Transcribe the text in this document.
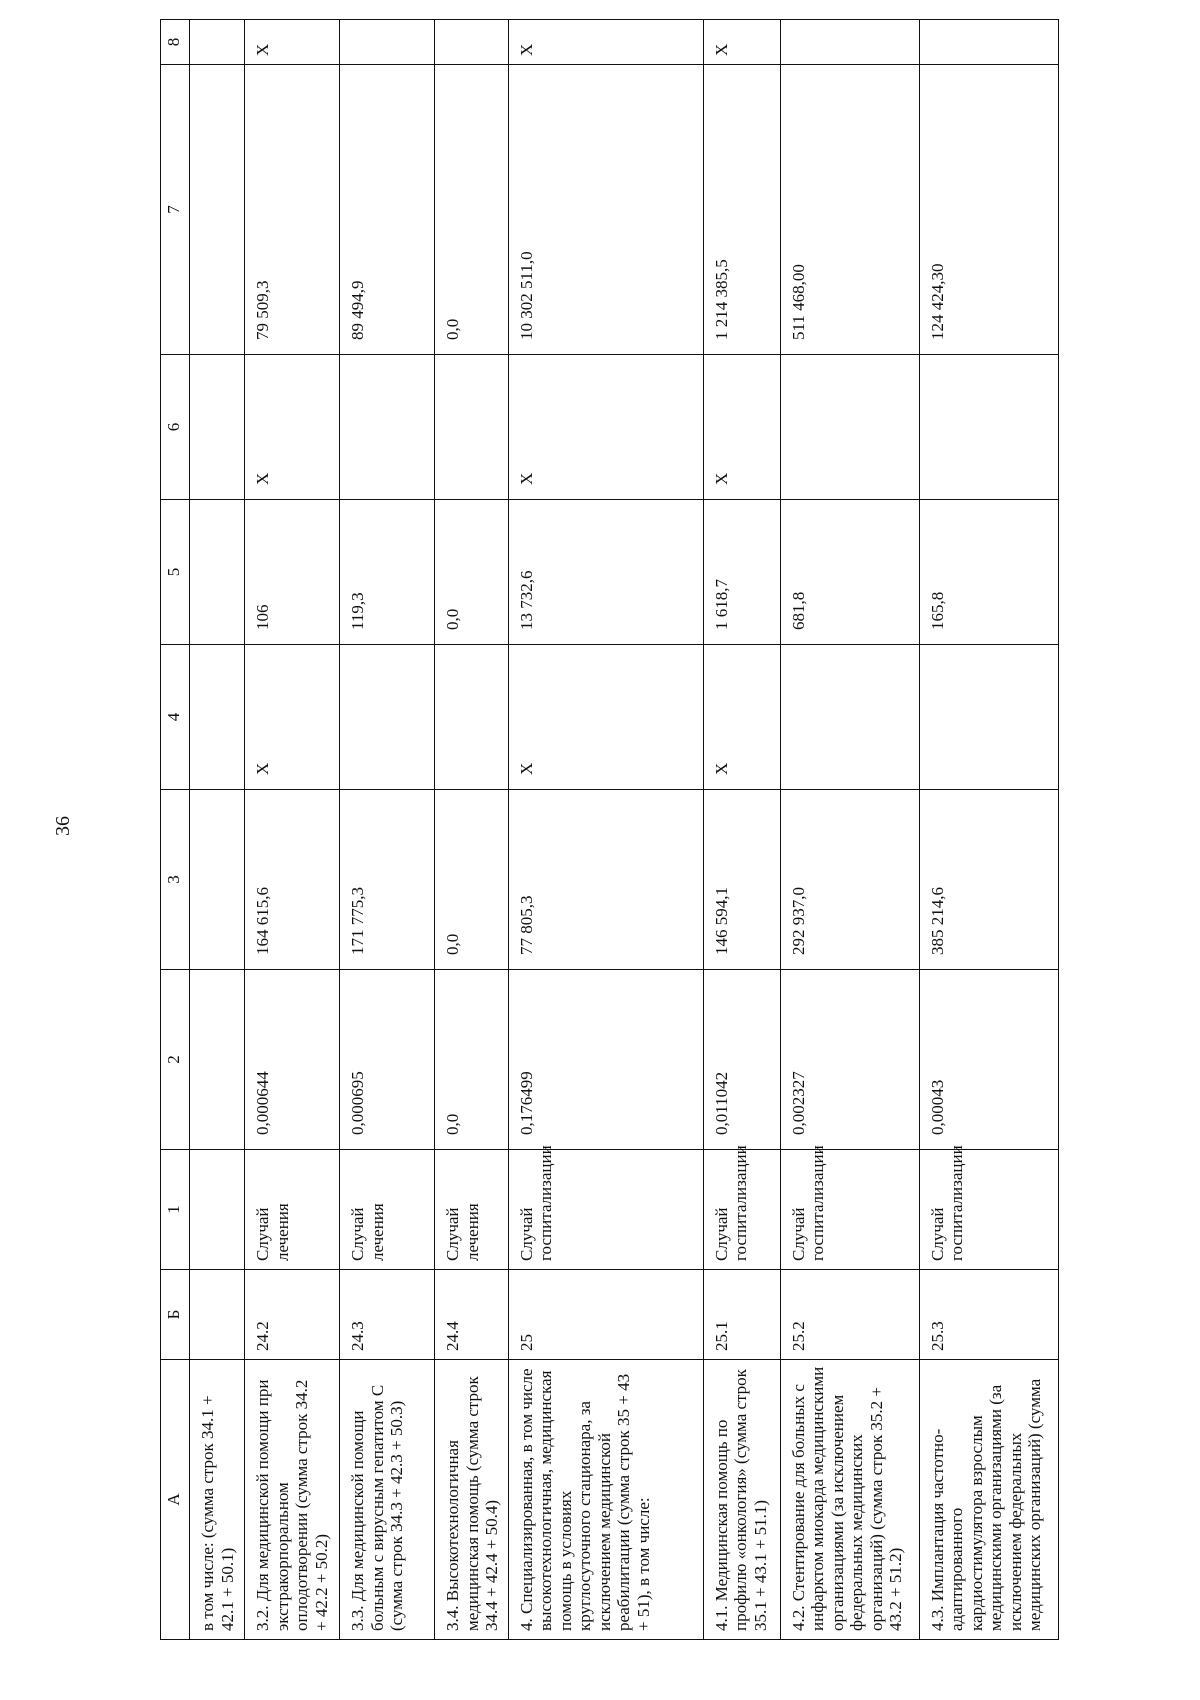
36
А	Б	1	2	3	4	5	6	7	8
в том числе: (сумма строк 34.1 + 42.1 + 50.1)									
3.2. Для медицинской помощи при экстракорпоральном оплодотворении (сумма строк 34.2 + 42.2 + 50.2)	24.2	Случай лечения	0,000644	164 615,6	Х	106	Х	79 509,3	Х
3.3. Для медицинской помощи больным с вирусным гепатитом С (сумма строк 34.3 + 42.3 + 50.3)	24.3	Случай лечения	0,000695	171 775,3		119,3		89 494,9	
3.4. Высокотехнологичная медицинская помощь (сумма строк 34.4 + 42.4 + 50.4)	24.4	Случай лечения	0,0	0,0		0,0		0,0	
4. Специализированная, в том числе высокотехнологичная, медицинская помощь в условиях круглосуточного стационара, за исключением медицинской реабилитации (сумма строк 35 + 43 + 51), в том числе:	25	Случай госпитализации	0,176499	77 805,3	Х	13 732,6	Х	10 302 511,0	Х
4.1. Медицинская помощь по профилю «онкология» (сумма строк 35.1 + 43.1 + 51.1)	25.1	Случай госпитализации	0,011042	146 594,1	Х	1 618,7	Х	1 214 385,5	Х
4.2. Стентирование для больных с инфарктом миокарда медицинскими организациями (за исключением федеральных медицинских организаций) (сумма строк 35.2 + 43.2 + 51.2)	25.2	Случай госпитализации	0,002327	292 937,0		681,8		511 468,00	
4.3. Имплантация частотно-адаптированного кардиостимулятора взрослым медицинскими организациями (за исключением федеральных медицинских организаций) (сумма	25.3	Случай госпитализации	0,00043	385 214,6		165,8		124 424,30	
